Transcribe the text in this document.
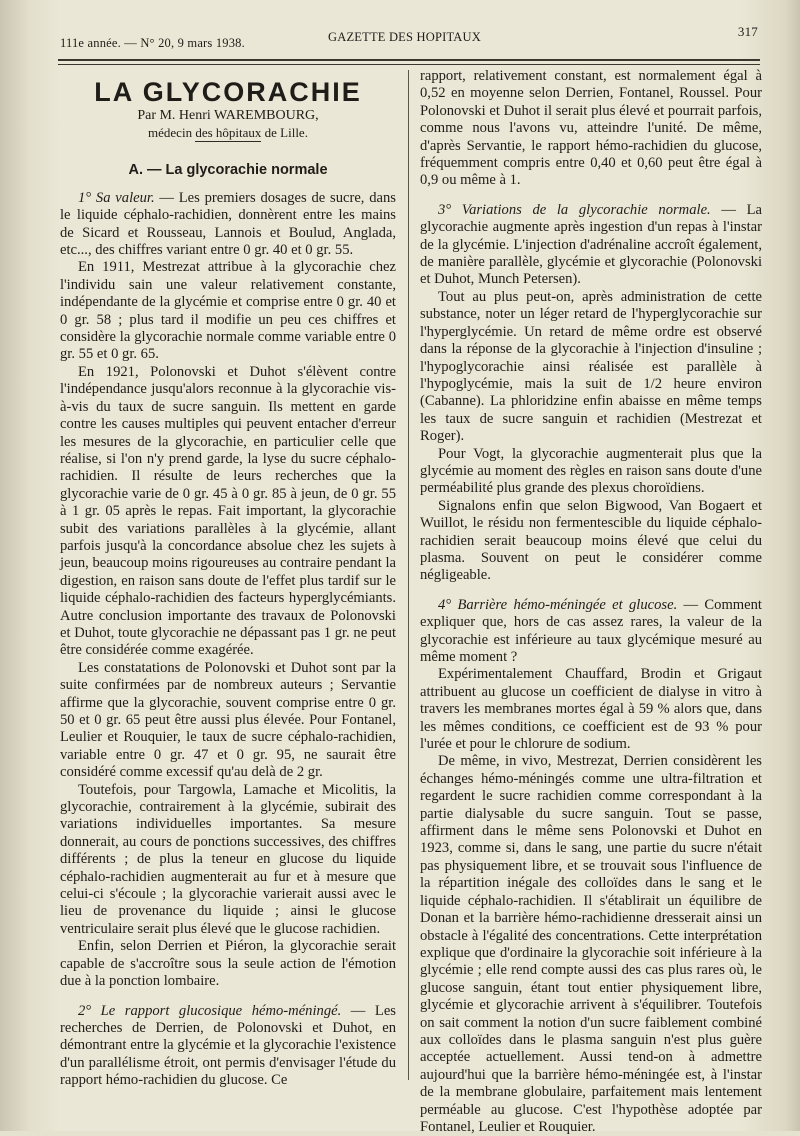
111e année. — N° 20, 9 mars 1938.	GAZETTE DES HOPITAUX	317
LA GLYCORACHIE

Par M. Henri WAREMBOURG,

médecin des hôpitaux de Lille.

A. — La glycorachie normale

1° Sa valeur. — Les premiers dosages de sucre, dans le liquide céphalo-rachidien, donnèrent entre les mains de Sicard et Rousseau, Lannois et Boulud, Anglada, etc..., des chiffres variant entre 0 gr. 40 et 0 gr. 55.

En 1911, Mestrezat attribue à la glycorachie chez l'individu sain une valeur relativement constante, indépendante de la glycémie et comprise entre 0 gr. 40 et 0 gr. 58 ; plus tard il modifie un peu ces chiffres et considère la glycorachie normale comme variable entre 0 gr. 55 et 0 gr. 65.

En 1921, Polonovski et Duhot s'élèvent contre l'indépendance jusqu'alors reconnue à la glycorachie vis-à-vis du taux de sucre sanguin. Ils mettent en garde contre les causes multiples qui peuvent entacher d'erreur les mesures de la glycorachie, en particulier celle que réalise, si l'on n'y prend garde, la lyse du sucre céphalo-rachidien. Il résulte de leurs recherches que la glycorachie varie de 0 gr. 45 à 0 gr. 85 à jeun, de 0 gr. 55 à 1 gr. 05 après le repas. Fait important, la glycorachie subit des variations parallèles à la glycémie, allant parfois jusqu'à la concordance absolue chez les sujets à jeun, beaucoup moins rigoureuses au contraire pendant la digestion, en raison sans doute de l'effet plus tardif sur le liquide céphalo-rachidien des facteurs hyperglycémiants. Autre conclusion importante des travaux de Polonovski et Duhot, toute glycorachie ne dépassant pas 1 gr. ne peut être considérée comme exagérée.

Les constatations de Polonovski et Duhot sont par la suite confirmées par de nombreux auteurs ; Servantie affirme que la glycorachie, souvent comprise entre 0 gr. 50 et 0 gr. 65 peut être aussi plus élevée. Pour Fontanel, Leulier et Rouquier, le taux de sucre céphalo-rachidien, variable entre 0 gr. 47 et 0 gr. 95, ne saurait être considéré comme excessif qu'au delà de 2 gr.

Toutefois, pour Targowla, Lamache et Micolitis, la glycorachie, contrairement à la glycémie, subirait des variations individuelles importantes. Sa mesure donnerait, au cours de ponctions successives, des chiffres différents ; de plus la teneur en glucose du liquide céphalo-rachidien augmenterait au fur et à mesure que celui-ci s'écoule ; la glycorachie varierait aussi avec le lieu de provenance du liquide ; ainsi le glucose ventriculaire serait plus élevé que le glucose rachidien.

Enfin, selon Derrien et Piéron, la glycorachie serait capable de s'accroître sous la seule action de l'émotion due à la ponction lombaire.

2° Le rapport glucosique hémo-méningé. — Les recherches de Derrien, de Polonovski et Duhot, en démontrant entre la glycémie et la glycorachie l'existence d'un parallélisme étroit, ont permis d'envisager l'étude du rapport hémo-rachidien du glucose. Ce

rapport, relativement constant, est normalement égal à 0,52 en moyenne selon Derrien, Fontanel, Roussel. Pour Polonovski et Duhot il serait plus élevé et pourrait parfois, comme nous l'avons vu, atteindre l'unité. De même, d'après Servantie, le rapport hémo-rachidien du glucose, fréquemment compris entre 0,40 et 0,60 peut être égal à 0,9 ou même à 1.

3° Variations de la glycorachie normale. — La glycorachie augmente après ingestion d'un repas à l'instar de la glycémie. L'injection d'adrénaline accroît également, de manière parallèle, glycémie et glycorachie (Polonovski et Duhot, Munch Petersen).

Tout au plus peut-on, après administration de cette substance, noter un léger retard de l'hyperglycorachie sur l'hyperglycémie. Un retard de même ordre est observé dans la réponse de la glycorachie à l'injection d'insuline ; l'hypoglycorachie ainsi réalisée est parallèle à l'hypoglycémie, mais la suit de 1/2 heure environ (Cabanne). La phloridzine enfin abaisse en même temps les taux de sucre sanguin et rachidien (Mestrezat et Roger).

Pour Vogt, la glycorachie augmenterait plus que la glycémie au moment des règles en raison sans doute d'une perméabilité plus grande des plexus choroïdiens.

Signalons enfin que selon Bigwood, Van Bogaert et Wuillot, le résidu non fermentescible du liquide céphalo-rachidien serait beaucoup moins élevé que celui du plasma. Souvent on peut le considérer comme négligeable.

4° Barrière hémo-méningée et glucose. — Comment expliquer que, hors de cas assez rares, la valeur de la glycorachie est inférieure au taux glycémique mesuré au même moment ?

Expérimentalement Chauffard, Brodin et Grigaut attribuent au glucose un coefficient de dialyse in vitro à travers les membranes mortes égal à 59 % alors que, dans les mêmes conditions, ce coefficient est de 93 % pour l'urée et pour le chlorure de sodium.

De même, in vivo, Mestrezat, Derrien considèrent les échanges hémo-méningés comme une ultra-filtration et regardent le sucre rachidien comme correspondant à la partie dialysable du sucre sanguin. Tout se passe, affirment dans le même sens Polonovski et Duhot en 1923, comme si, dans le sang, une partie du sucre n'était pas physiquement libre, et se trouvait sous l'influence de la répartition inégale des colloïdes dans le sang et le liquide céphalo-rachidien. Il s'établirait un équilibre de Donan et la barrière hémo-rachidienne dresserait ainsi un obstacle à l'égalité des concentrations. Cette interprétation explique que d'ordinaire la glycorachie soit inférieure à la glycémie ; elle rend compte aussi des cas plus rares où, le glucose sanguin, étant tout entier physiquement libre, glycémie et glycorachie arrivent à s'équilibrer. Toutefois on sait comment la notion d'un sucre faiblement combiné aux colloïdes dans le plasma sanguin n'est plus guère acceptée actuellement. Aussi tend-on à admettre aujourd'hui que la barrière hémo-méningée est, à l'instar de la membrane globulaire, parfaitement mais lentement perméable au glucose. C'est l'hypothèse adoptée par Fontanel, Leulier et Rouquier.
